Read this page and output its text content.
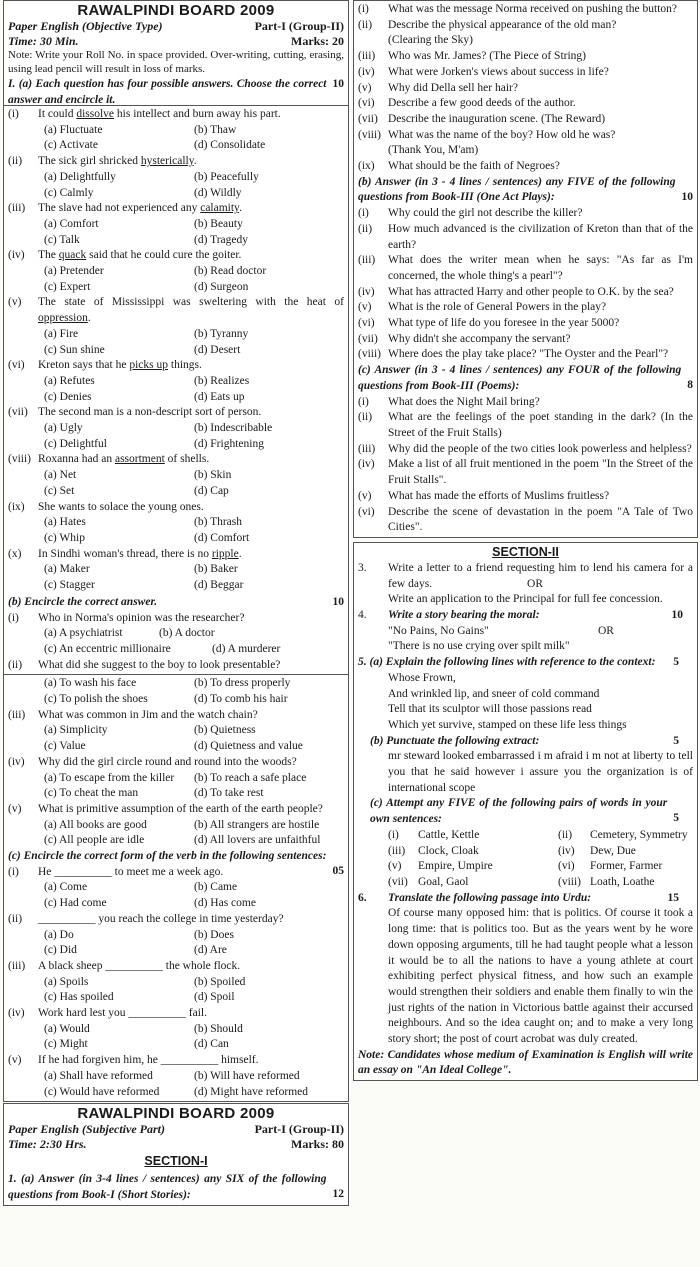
RAWALPINDI BOARD 2009
Paper English (Objective Type)	Part-I (Group-II)
Time: 30 Min.	Marks: 20
Note: Write your Roll No. in space provided. Over-writing, cutting, erasing, using lead pencil will result in loss of marks.
10
I. (a) Each question has four possible answers. Choose the correct answer and encircle it.
(i)	It could dissolve his intellect and burn away his part.
(a) Fluctuate	(b) Thaw
(c) Activate	(d) Consolidate
(ii)	The sick girl shricked hysterically.
(a) Delightfully	(b) Peacefully
(c) Calmly	(d) Wildly
(iii)	The slave had not experienced any calamity.
(a) Comfort	(b) Beauty
(c) Talk	(d) Tragedy
(iv)	The quack said that he could cure the goiter.
(a) Pretender	(b) Read doctor
(c) Expert	(d) Surgeon
(v)	The state of Mississippi was sweltering with the heat of oppression.
(a) Fire	(b) Tyranny
(c) Sun shine	(d) Desert
(vi)	Kreton says that he picks up things.
(a) Refutes	(b) Realizes
(c) Denies	(d) Eats up
(vii) The second man is a non-descript sort of person.
(a) Ugly	(b) Indescribable
(c) Delightful	(d) Frightening
(viii) Roxanna had an assortment of shells.
(a) Net	(b) Skin
(c) Set	(d) Cap
(ix)	She wants to solace the young ones.
(a) Hates	(b) Thrash
(c) Whip	(d) Comfort
(x)	In Sindhi woman's thread, there is no ripple.
(a) Maker	(b) Baker
(c) Stagger	(d) Beggar
10
(b) Encircle the correct answer.
(i)	Who in Norma's opinion was the researcher?
(a) A psychiatrist	(b) A doctor
(c) An eccentric millionaire	(d) A murderer
(ii)	What did she suggest to the boy to look presentable?
(a) To wash his face	(b) To dress properly
(c) To polish the shoes	(d) To comb his hair
(iii)	What was common in Jim and the watch chain?
(a) Simplicity	(b) Quietness
(c) Value	(d) Quietness and value
(iv)	Why did the girl circle round and round into the woods?
(a) To escape from the killer	(b) To reach a safe place
(c) To cheat the man	(d) To take rest
(v)	What is primitive assumption of the earth of the earth people?
(a) All books are good	(b) All strangers are hostile
(c) All people are idle	(d) All lovers are unfaithful
05
(c) Encircle the correct form of the verb in the following sentences:
(i)	He __________ to meet me a week ago.
(a) Come	(b) Came
(c) Had come	(d) Has come
(ii)	__________ you reach the college in time yesterday?
(a) Do	(b) Does
(c) Did	(d) Are
(iii)	A black sheep __________ the whole flock.
(a) Spoils	(b) Spoiled
(c) Has spoiled	(d) Spoil
(iv)	Work hard lest you __________ fail.
(a) Would	(b) Should
(c) Might	(d) Can
(v)	If he had forgiven him, he __________ himself.
(a) Shall have reformed	(b) Will have reformed
(c) Would have reformed	(d) Might have reformed
RAWALPINDI BOARD 2009
Paper English (Subjective Part)	Part-I (Group-II)
Time: 2:30 Hrs.	Marks: 80
SECTION-I
12
1. (a) Answer (in 3-4 lines / sentences) any SIX of the following questions from Book-I (Short Stories):
(i)	What was the message Norma received on pushing the button?
(ii)	Describe the physical appearance of the old man?
(Clearing the Sky)
(iii)	Who was Mr. James? (The Piece of String)
(iv)	What were Jorken's views about success in life?
(v)	Why did Della sell her hair?
(vi)	Describe a few good deeds of the author.
(vii) Describe the inauguration scene. (The Reward)
(viii) What was the name of the boy? How old he was?
(Thank You, M'am)
(ix)	What should be the faith of Negroes?
10
(b) Answer (in 3 - 4 lines / sentences) any FIVE of the following questions from Book-III (One Act Plays):
(i)	Why could the girl not describe the killer?
(ii)	How much advanced is the civilization of Kreton than that of the earth?
(iii)	What does the writer mean when he says: "As far as I'm concerned, the whole thing's a pearl"?
(iv)	What has attracted Harry and other people to O.K. by the sea?
(v)	What is the role of General Powers in the play?
(vi)	What type of life do you foresee in the year 5000?
(vii) Why didn't she accompany the servant?
(viii) Where does the play take place? "The Oyster and the Pearl"?
8
(c) Answer (in 3 - 4 lines / sentences) any FOUR of the following questions from Book-III (Poems):
(i)	What does the Night Mail bring?
(ii)	What are the feelings of the poet standing in the dark? (In the Street of the Fruit Stalls)
(iii)	Why did the people of the two cities look powerless and helpless?
(iv)	Make a list of all fruit mentioned in the poem "In the Street of the Fruit Stalls".
(v)	What has made the efforts of Muslims fruitless?
(vi)	Describe the scene of devastation in the poem "A Tale of Two Cities".
SECTION-II
3.	Write a letter to a friend requesting him to lend his camera for a few days.	OR
Write an application to the Principal for full fee concession.
4.	10
Write a story bearing the moral:
"No Pains, No Gains"	OR
"There is no use crying over spilt milk"
5
5. (a) Explain the following lines with reference to the context:
Whose Frown,
And wrinkled lip, and sneer of cold command
Tell that its sculptor will those passions read
Which yet survive, stamped on these life less things
5
(b) Punctuate the following extract:
mr steward looked embarrassed i m afraid i m not at liberty to tell you that he said however i assure you the organization is of international scope
5
(c) Attempt any FIVE of the following pairs of words in your own sentences:
(i)	Cattle, Kettle	(ii)	Cemetery, Symmetry
(iii)	Clock, Cloak	(iv)	Dew, Due
(v)	Empire, Umpire	(vi)	Former, Farmer
(vii) Goal, Gaol	(viii) Loath, Loathe
6.	15
Translate the following passage into Urdu:
Of course many opposed him: that is politics. Of course it took a long time: that is politics too. But as the years went by he wore down opposing arguments, till he had taught people what a lesson it would be to all the nations to have a young athlete at court exhibiting perfect physical fitness, and how such an example would strengthen their soldiers and enable them finally to win the just rights of the nation in Victorious battle against their accursed neighbours. And so the idea caught on; and to make a very long story short; the post of court acrobat was duly created.
Note: Candidates whose medium of Examination is English will write an essay on "An Ideal College".
